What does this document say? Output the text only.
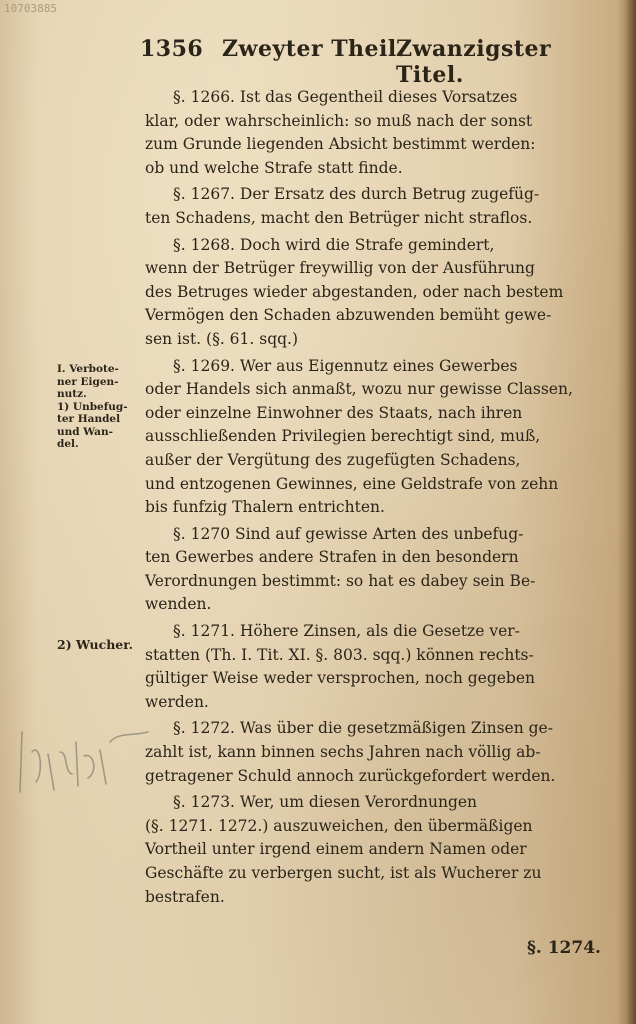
10703885
1356 Zweyter Theil.
Zwanzigster Titel.
I. Verbote-
ner Eigen-
nutz.
1) Unbefug-
ter Handel
und Wan-
del.
2) Wucher.
§. 1266. Ist das Gegentheil dieses Vorsatzes
klar, oder wahrscheinlich: so muß nach der sonst
zum Grunde liegenden Absicht bestimmt werden:
ob und welche Strafe statt finde.
§. 1267. Der Ersatz des durch Betrug zugefüg-
ten Schadens, macht den Betrüger nicht straflos.
§. 1268. Doch wird die Strafe gemindert,
wenn der Betrüger freywillig von der Ausführung
des Betruges wieder abgestanden, oder nach bestem
Vermögen den Schaden abzuwenden bemüht gewe-
sen ist. (§. 61. sqq.)
§. 1269. Wer aus Eigennutz eines Gewerbes
oder Handels sich anmaßt, wozu nur gewisse Classen,
oder einzelne Einwohner des Staats, nach ihren
ausschließenden Privilegien berechtigt sind, muß,
außer der Vergütung des zugefügten Schadens,
und entzogenen Gewinnes, eine Geldstrafe von zehn
bis funfzig Thalern entrichten.
§. 1270 Sind auf gewisse Arten des unbefug-
ten Gewerbes andere Strafen in den besondern
Verordnungen bestimmt: so hat es dabey sein Be-
wenden.
§. 1271. Höhere Zinsen, als die Gesetze ver-
statten (Th. I. Tit. XI. §. 803. sqq.) können rechts-
gültiger Weise weder versprochen, noch gegeben
werden.
§. 1272. Was über die gesetzmäßigen Zinsen ge-
zahlt ist, kann binnen sechs Jahren nach völlig ab-
getragener Schuld annoch zurückgefordert werden.
§. 1273. Wer, um diesen Verordnungen
(§. 1271. 1272.) auszuweichen, den übermäßigen
Vortheil unter irgend einem andern Namen oder
Geschäfte zu verbergen sucht, ist als Wucherer zu
bestrafen.
§. 1274.
